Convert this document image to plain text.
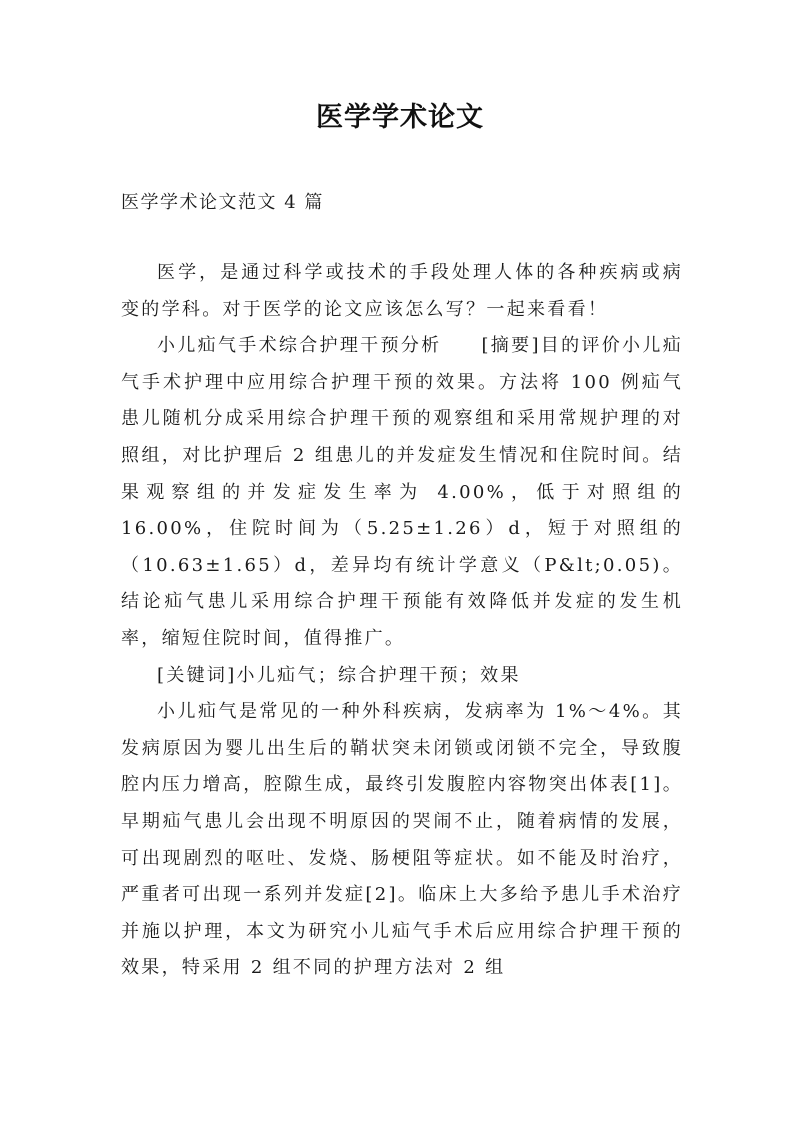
医学学术论文
医学学术论文范文 4 篇

医学，是通过科学或技术的手段处理人体的各种疾病或病变的学科。对于医学的论文应该怎么写？一起来看看！

小儿疝气手术综合护理干预分析 [摘要]目的评价小儿疝气手术护理中应用综合护理干预的效果。方法将 100 例疝气患儿随机分成采用综合护理干预的观察组和采用常规护理的对照组，对比护理后 2 组患儿的并发症发生情况和住院时间。结果观察组的并发症发生率为 4.00%，低于对照组的 16.00%，住院时间为（5.25±1.26）d，短于对照组的（10.63±1.65）d，差异均有统计学意义（P&lt;0.05)。结论疝气患儿采用综合护理干预能有效降低并发症的发生机率，缩短住院时间，值得推广。

[关键词]小儿疝气；综合护理干预；效果

小儿疝气是常见的一种外科疾病，发病率为 1%～4%。其发病原因为婴儿出生后的鞘状突未闭锁或闭锁不完全，导致腹腔内压力增高，腔隙生成，最终引发腹腔内容物突出体表[1]。早期疝气患儿会出现不明原因的哭闹不止，随着病情的发展，可出现剧烈的呕吐、发烧、肠梗阻等症状。如不能及时治疗，严重者可出现一系列并发症[2]。临床上大多给予患儿手术治疗并施以护理，本文为研究小儿疝气手术后应用综合护理干预的效果，特采用 2 组不同的护理方法对 2 组
